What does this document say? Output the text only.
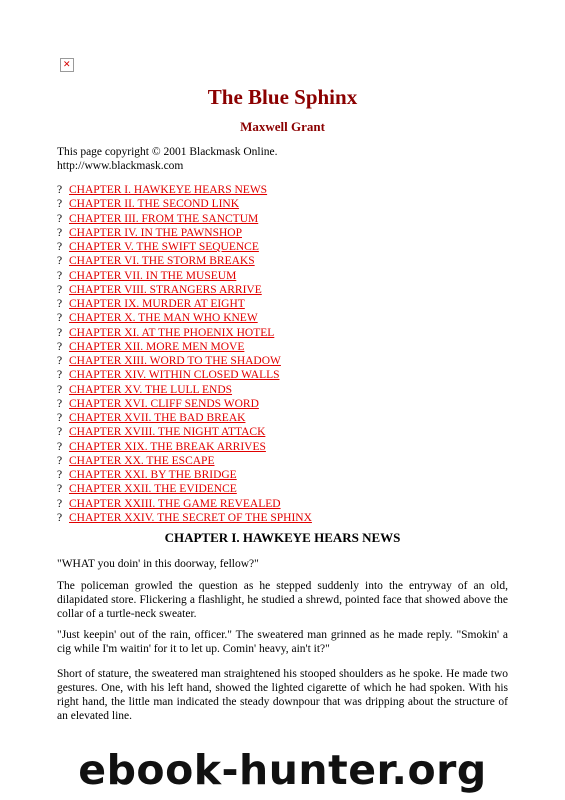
✕
The Blue Sphinx
Maxwell Grant
This page copyright © 2001 Blackmask Online.
http://www.blackmask.com
? CHAPTER I. HAWKEYE HEARS NEWS
? CHAPTER II. THE SECOND LINK
? CHAPTER III. FROM THE SANCTUM
? CHAPTER IV. IN THE PAWNSHOP
? CHAPTER V. THE SWIFT SEQUENCE
? CHAPTER VI. THE STORM BREAKS
? CHAPTER VII. IN THE MUSEUM
? CHAPTER VIII. STRANGERS ARRIVE
? CHAPTER IX. MURDER AT EIGHT
? CHAPTER X. THE MAN WHO KNEW
? CHAPTER XI. AT THE PHOENIX HOTEL
? CHAPTER XII. MORE MEN MOVE
? CHAPTER XIII. WORD TO THE SHADOW
? CHAPTER XIV. WITHIN CLOSED WALLS
? CHAPTER XV. THE LULL ENDS
? CHAPTER XVI. CLIFF SENDS WORD
? CHAPTER XVII. THE BAD BREAK
? CHAPTER XVIII. THE NIGHT ATTACK
? CHAPTER XIX. THE BREAK ARRIVES
? CHAPTER XX. THE ESCAPE
? CHAPTER XXI. BY THE BRIDGE
? CHAPTER XXII. THE EVIDENCE
? CHAPTER XXIII. THE GAME REVEALED
? CHAPTER XXIV. THE SECRET OF THE SPHINX
CHAPTER I. HAWKEYE HEARS NEWS

"WHAT you doin' in this doorway, fellow?"

The policeman growled the question as he stepped suddenly into the entryway of an old, dilapidated store. Flickering a flashlight, he studied a shrewd, pointed face that showed above the collar of a turtle-neck sweater.

"Just keepin' out of the rain, officer." The sweatered man grinned as he made reply. "Smokin' a cig while I'm waitin' for it to let up. Comin' heavy, ain't it?"

Short of stature, the sweatered man straightened his stooped shoulders as he spoke. He made two gestures. One, with his left hand, showed the lighted cigarette of which he had spoken. With his right hand, the little man indicated the steady downpour that was dripping about the structure of an elevated line.

ebook-hunter.org
